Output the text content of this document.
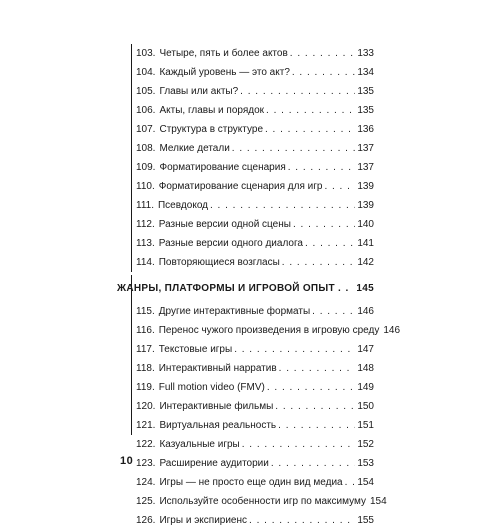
103. Четыре, пять и более актов . . .	133
104. Каждый уровень — это акт? . . .	134
105. Главы или акты? . . .	135
106. Акты, главы и порядок . . .	135
107. Структура в структуре . . .	136
108. Мелкие детали . . .	137
109. Форматирование сценария . . .	137
110. Форматирование сценария для игр . . .	139
111. Псевдокод . . .	139
112. Разные версии одной сцены . . .	140
113. Разные версии одного диалога . . .	141
114. Повторяющиеся возгласы . . .	142
ЖАНРЫ, ПЛАТФОРМЫ И ИГРОВОЙ ОПЫТ . . . 145
115. Другие интерактивные форматы . . .	146
116. Перенос чужого произведения в игровую среду 146
117. Текстовые игры . . .	147
118. Интерактивный нарратив . . .	148
119. Full motion video (FMV) . . .	149
120. Интерактивные фильмы . . .	150
121. Виртуальная реальность . . .	151
122. Казуальные игры . . .	152
123. Расширение аудитории . . .	153
124. Игры — не просто еще один вид медиа . . . 154
125. Используйте особенности игр по максимуму 154
126. Игры и экспириенс . . .	155
10
